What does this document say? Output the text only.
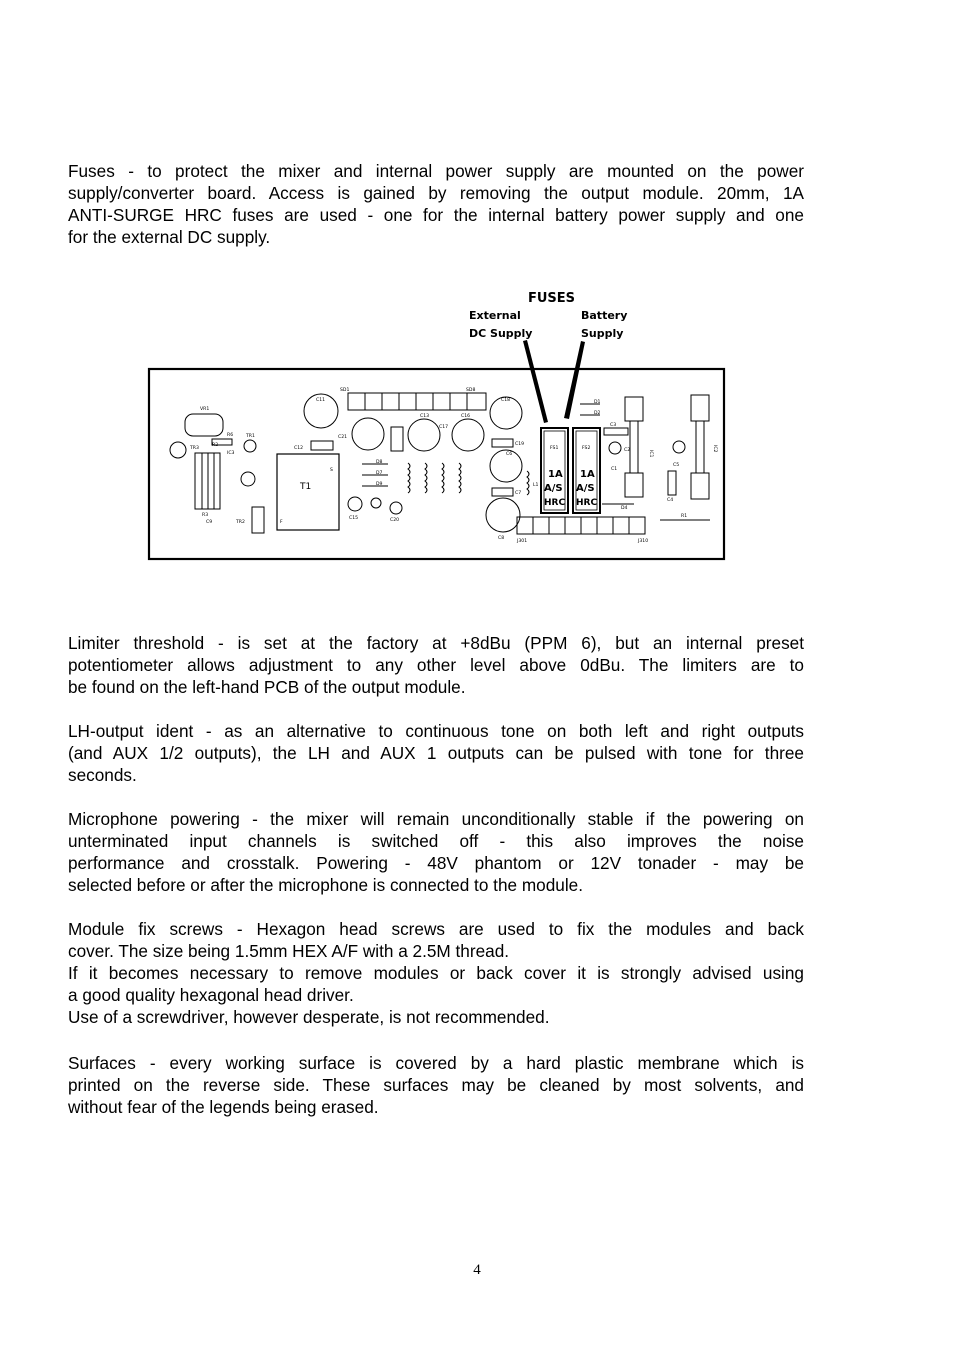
Fuses - to protect the mixer and internal power supply are mounted on the power
supply/converter board. Access is gained by removing the output module. 20mm, 1A
ANTI-SURGE HRC fuses are used - one for the internal battery power supply and one
for the external DC supply.
FUSES
External
DC Supply
Battery
Supply
SD1	SD8
VR1
R2
R6
TR3
IC3
R3
C9
TR1
TR2
T1
S
F
C11
C12
C21
C13
C17
C16
C18
C19
C6
C7
C8
D8
D7
D9
C15	C20
L1
FS1
1A
A/S
HRC
FS2
1A
A/S
HRC
J301	J310
D1
D2
C3
C2
C1
D4
IC1
C5
C4
IC2
R1
Limiter threshold - is set at the factory at +8dBu (PPM 6), but an internal preset
potentiometer allows adjustment to any other level above 0dBu. The limiters are to
be found on the left-hand PCB of the output module.
LH-output ident - as an alternative to continuous tone on both left and right outputs
(and AUX 1/2 outputs), the LH and AUX 1 outputs can be pulsed with tone for three
seconds.
Microphone powering - the mixer will remain unconditionally stable if the powering on
unterminated input channels is switched off - this also improves the noise
performance and crosstalk. Powering - 48V phantom or 12V tonader - may be
selected before or after the microphone is connected to the module.
Module fix screws - Hexagon head screws are used to fix the modules and back
cover. The size being 1.5mm HEX A/F with a 2.5M thread.
If it becomes necessary to remove modules or back cover it is strongly advised using
a good quality hexagonal head driver.
Use of a screwdriver, however desperate, is not recommended.
Surfaces - every working surface is covered by a hard plastic membrane which is
printed on the reverse side. These surfaces may be cleaned by most solvents, and
without fear of the legends being erased.
4
